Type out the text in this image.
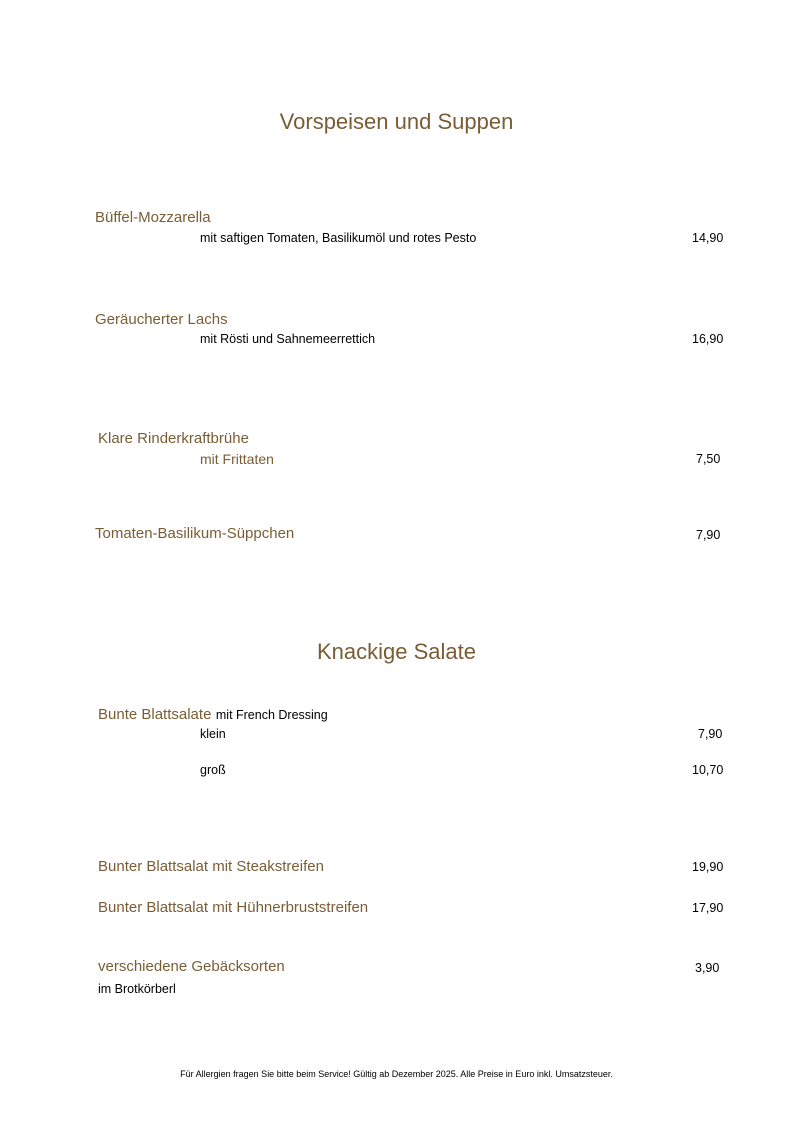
Vorspeisen und Suppen
Büffel-Mozzarella
mit saftigen Tomaten, Basilikumöl und rotes Pesto	14,90
Geräucherter Lachs
mit Rösti und Sahnemeerrettich	16,90
Klare Rinderkraftbrühe
mit Frittaten	7,50
Tomaten-Basilikum-Süppchen	7,90
Knackige Salate
Bunte Blattsalate mit French Dressing
klein	7,90
groß	10,70
Bunter Blattsalat mit Steakstreifen	19,90
Bunter Blattsalat mit Hühnerbruststreifen	17,90
verschiedene Gebäcksorten	3,90
im Brotkörberl
Für Allergien fragen Sie bitte beim Service! Gültig ab Dezember 2025. Alle Preise in Euro inkl. Umsatzsteuer.
